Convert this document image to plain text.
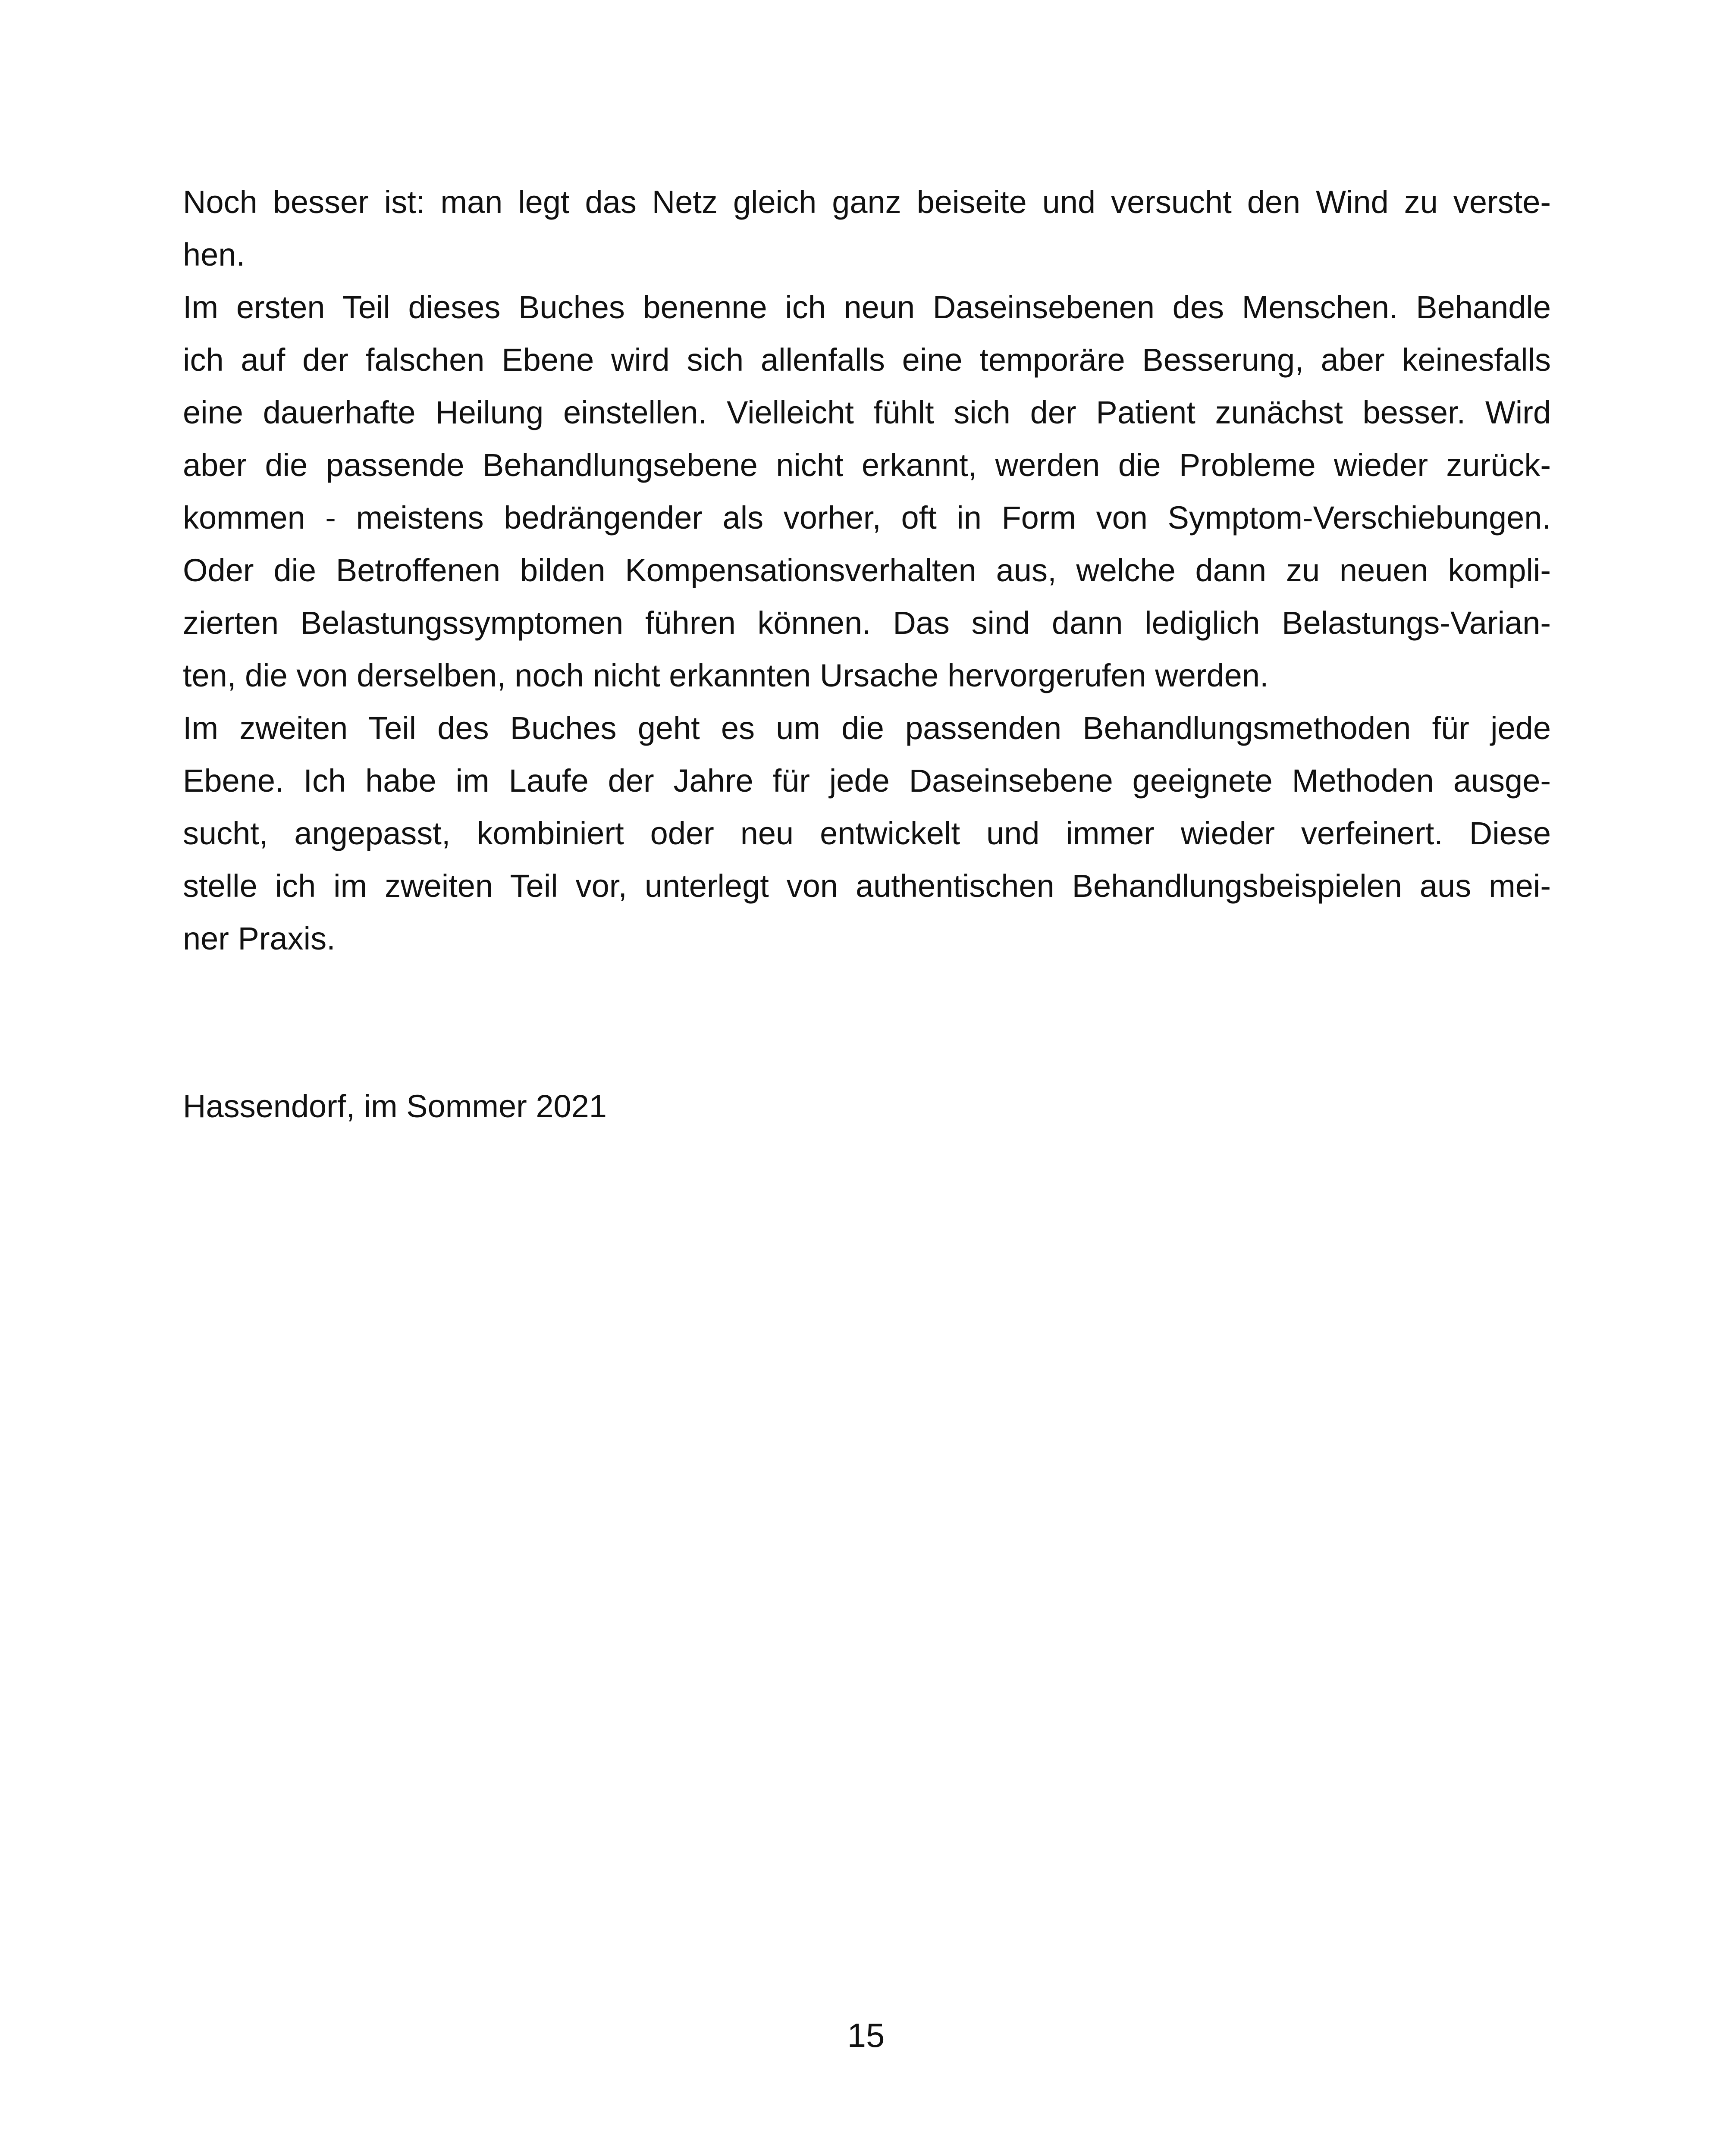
Noch besser ist: man legt das Netz gleich ganz beiseite und versucht den Wind zu verste-
hen.
Im ersten Teil dieses Buches benenne ich neun Daseinsebenen des Menschen. Behandle
ich auf der falschen Ebene wird sich allenfalls eine temporäre Besserung, aber keinesfalls
eine dauerhafte Heilung einstellen. Vielleicht fühlt sich der Patient zunächst besser. Wird
aber die passende Behandlungsebene nicht erkannt, werden die Probleme wieder zurück-
kommen - meistens bedrängender als vorher, oft in Form von Symptom-Verschiebungen.
Oder die Betroffenen bilden Kompensationsverhalten aus, welche dann zu neuen kompli-
zierten Belastungssymptomen führen können. Das sind dann lediglich Belastungs-Varian-
ten, die von derselben, noch nicht erkannten Ursache hervorgerufen werden.
Im zweiten Teil des Buches geht es um die passenden Behandlungsmethoden für jede
Ebene. Ich habe im Laufe der Jahre für jede Daseinsebene geeignete Methoden ausge-
sucht, angepasst, kombiniert oder neu entwickelt und immer wieder verfeinert. Diese
stelle ich im zweiten Teil vor, unterlegt von authentischen Behandlungsbeispielen aus mei-
ner Praxis.
Hassendorf, im Sommer 2021
15
